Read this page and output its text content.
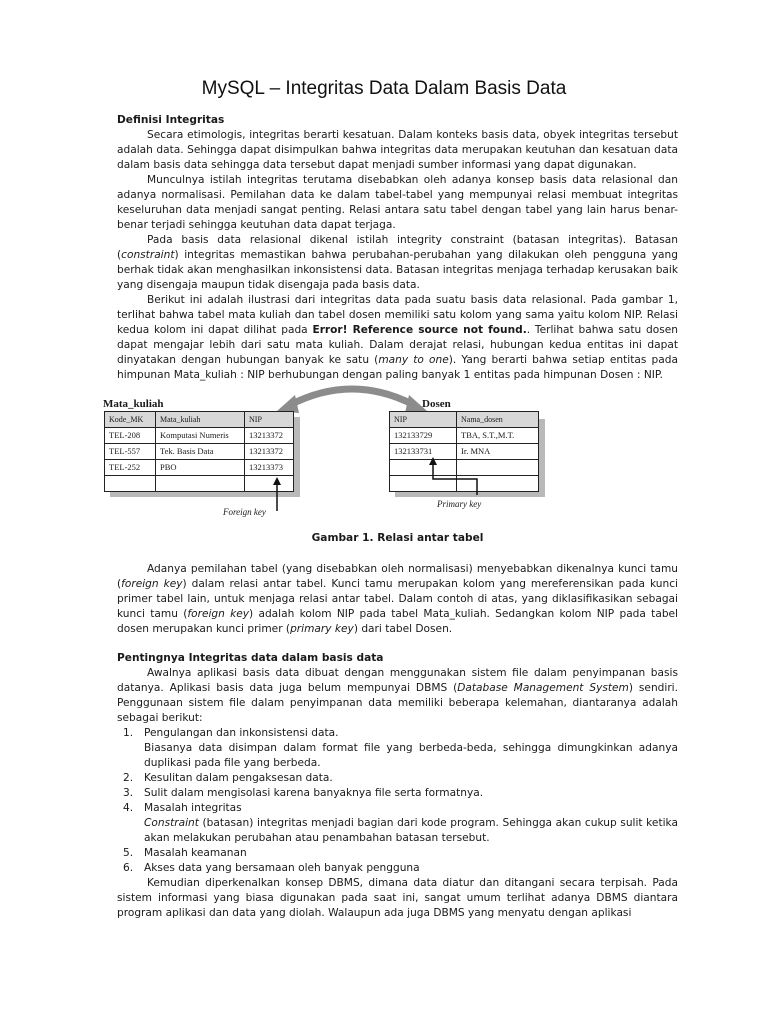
MySQL – Integritas Data Dalam Basis Data
Definisi Integritas

Secara etimologis, integritas berarti kesatuan. Dalam konteks basis data, obyek integritas tersebut adalah data. Sehingga dapat disimpulkan bahwa integritas data merupakan keutuhan dan kesatuan data dalam basis data sehingga data tersebut dapat menjadi sumber informasi yang dapat digunakan.

Munculnya istilah integritas terutama disebabkan oleh adanya konsep basis data relasional dan adanya normalisasi. Pemilahan data ke dalam tabel-tabel yang mempunyai relasi membuat integritas keseluruhan data menjadi sangat penting. Relasi antara satu tabel dengan tabel yang lain harus benar-benar terjadi sehingga keutuhan data dapat terjaga.

Pada basis data relasional dikenal istilah integrity constraint (batasan integritas). Batasan (constraint) integritas memastikan bahwa perubahan-perubahan yang dilakukan oleh pengguna yang berhak tidak akan menghasilkan inkonsistensi data. Batasan integritas menjaga terhadap kerusakan baik yang disengaja maupun tidak disengaja pada basis data.

Berikut ini adalah ilustrasi dari integritas data pada suatu basis data relasional. Pada gambar 1, terlihat bahwa tabel mata kuliah dan tabel dosen memiliki satu kolom yang sama yaitu kolom NIP. Relasi kedua kolom ini dapat dilihat pada Error! Reference source not found.. Terlihat bahwa satu dosen dapat mengajar lebih dari satu mata kuliah. Dalam derajat relasi, hubungan kedua entitas ini dapat dinyatakan dengan hubungan banyak ke satu (many to one). Yang berarti bahwa setiap entitas pada himpunan Mata_kuliah : NIP berhubungan dengan paling banyak 1 entitas pada himpunan Dosen : NIP.

Mata_kuliah
Kode_MK	Mata_kuliah	NIP
TEL-208	Komputasi Numeris	13213372
TEL-557	Tek. Basis Data	13213372
TEL-252	PBO	13213373

Foreign key
Dosen
NIP	Nama_dosen
132133729	TBA, S.T.,M.T.
132133731	Ir. MNA

Primary key
Gambar 1. Relasi antar tabel

Adanya pemilahan tabel (yang disebabkan oleh normalisasi) menyebabkan dikenalnya kunci tamu (foreign key) dalam relasi antar tabel. Kunci tamu merupakan kolom yang mereferensikan pada kunci primer tabel lain, untuk menjaga relasi antar tabel. Dalam contoh di atas, yang diklasifikasikan sebagai kunci tamu (foreign key) adalah kolom NIP pada tabel Mata_kuliah. Sedangkan kolom NIP pada tabel dosen merupakan kunci primer (primary key) dari tabel Dosen.

Pentingnya Integritas data dalam basis data

Awalnya aplikasi basis data dibuat dengan menggunakan sistem file dalam penyimpanan basis datanya. Aplikasi basis data juga belum mempunyai DBMS (Database Management System) sendiri. Penggunaan sistem file dalam penyimpanan data memiliki beberapa kelemahan, diantaranya adalah sebagai berikut:

1. Pengulangan dan inkonsistensi data.
Biasanya data disimpan dalam format file yang berbeda-beda, sehingga dimungkinkan adanya duplikasi pada file yang berbeda.
2. Kesulitan dalam pengaksesan data.
3. Sulit dalam mengisolasi karena banyaknya file serta formatnya.
4. Masalah integritas
Constraint (batasan) integritas menjadi bagian dari kode program. Sehingga akan cukup sulit ketika akan melakukan perubahan atau penambahan batasan tersebut.
5. Masalah keamanan
6. Akses data yang bersamaan oleh banyak pengguna

Kemudian diperkenalkan konsep DBMS, dimana data diatur dan ditangani secara terpisah. Pada sistem informasi yang biasa digunakan pada saat ini, sangat umum terlihat adanya DBMS diantara program aplikasi dan data yang diolah. Walaupun ada juga DBMS yang menyatu dengan aplikasi
